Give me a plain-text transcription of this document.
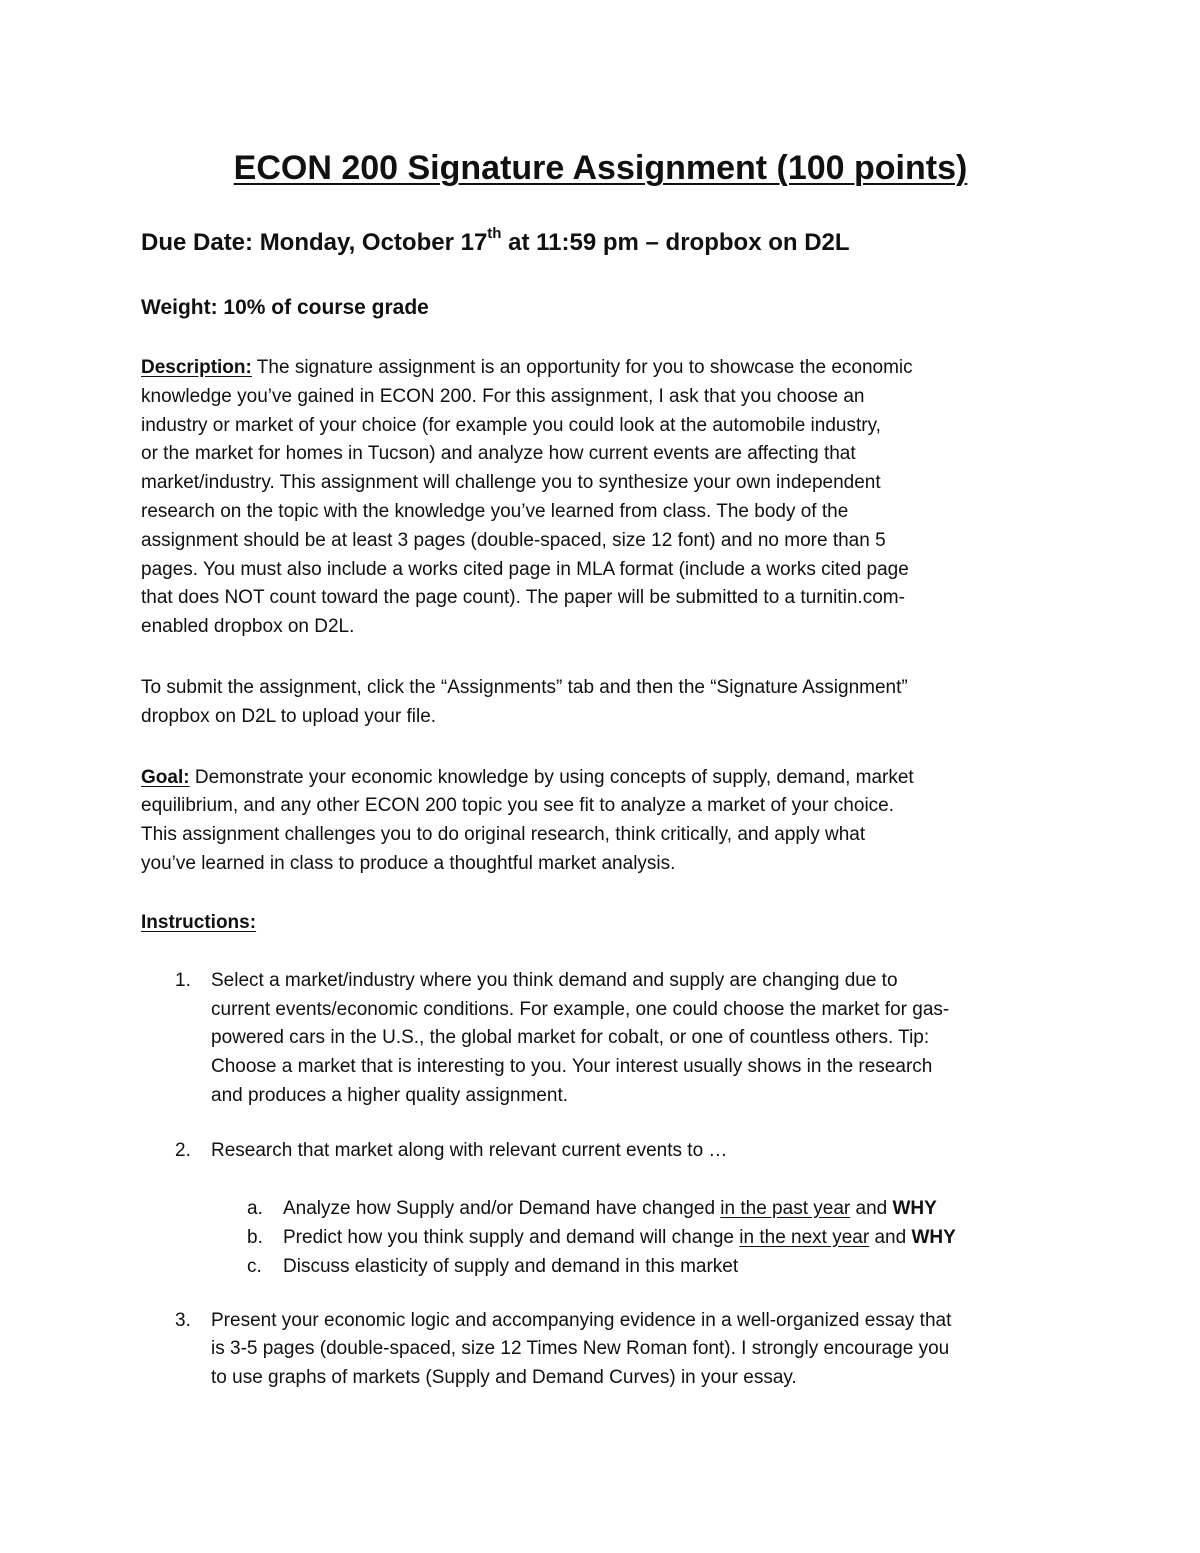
ECON 200 Signature Assignment (100 points)
Due Date: Monday, October 17th at 11:59 pm – dropbox on D2L
Weight: 10% of course grade
Description: The signature assignment is an opportunity for you to showcase the economic
knowledge you’ve gained in ECON 200. For this assignment, I ask that you choose an
industry or market of your choice (for example you could look at the automobile industry,
or the market for homes in Tucson) and analyze how current events are affecting that
market/industry. This assignment will challenge you to synthesize your own independent
research on the topic with the knowledge you’ve learned from class. The body of the
assignment should be at least 3 pages (double-spaced, size 12 font) and no more than 5
pages. You must also include a works cited page in MLA format (include a works cited page
that does NOT count toward the page count). The paper will be submitted to a turnitin.com-
enabled dropbox on D2L.
To submit the assignment, click the “Assignments” tab and then the “Signature Assignment”
dropbox on D2L to upload your file.
Goal: Demonstrate your economic knowledge by using concepts of supply, demand, market
equilibrium, and any other ECON 200 topic you see fit to analyze a market of your choice.
This assignment challenges you to do original research, think critically, and apply what
you’ve learned in class to produce a thoughtful market analysis.
Instructions:
1. Select a market/industry where you think demand and supply are changing due to
current events/economic conditions. For example, one could choose the market for gas-
powered cars in the U.S., the global market for cobalt, or one of countless others. Tip:
Choose a market that is interesting to you. Your interest usually shows in the research
and produces a higher quality assignment.
2. Research that market along with relevant current events to …
a. Analyze how Supply and/or Demand have changed in the past year and WHY
b. Predict how you think supply and demand will change in the next year and WHY
c. Discuss elasticity of supply and demand in this market
3. Present your economic logic and accompanying evidence in a well-organized essay that
is 3-5 pages (double-spaced, size 12 Times New Roman font). I strongly encourage you
to use graphs of markets (Supply and Demand Curves) in your essay.
